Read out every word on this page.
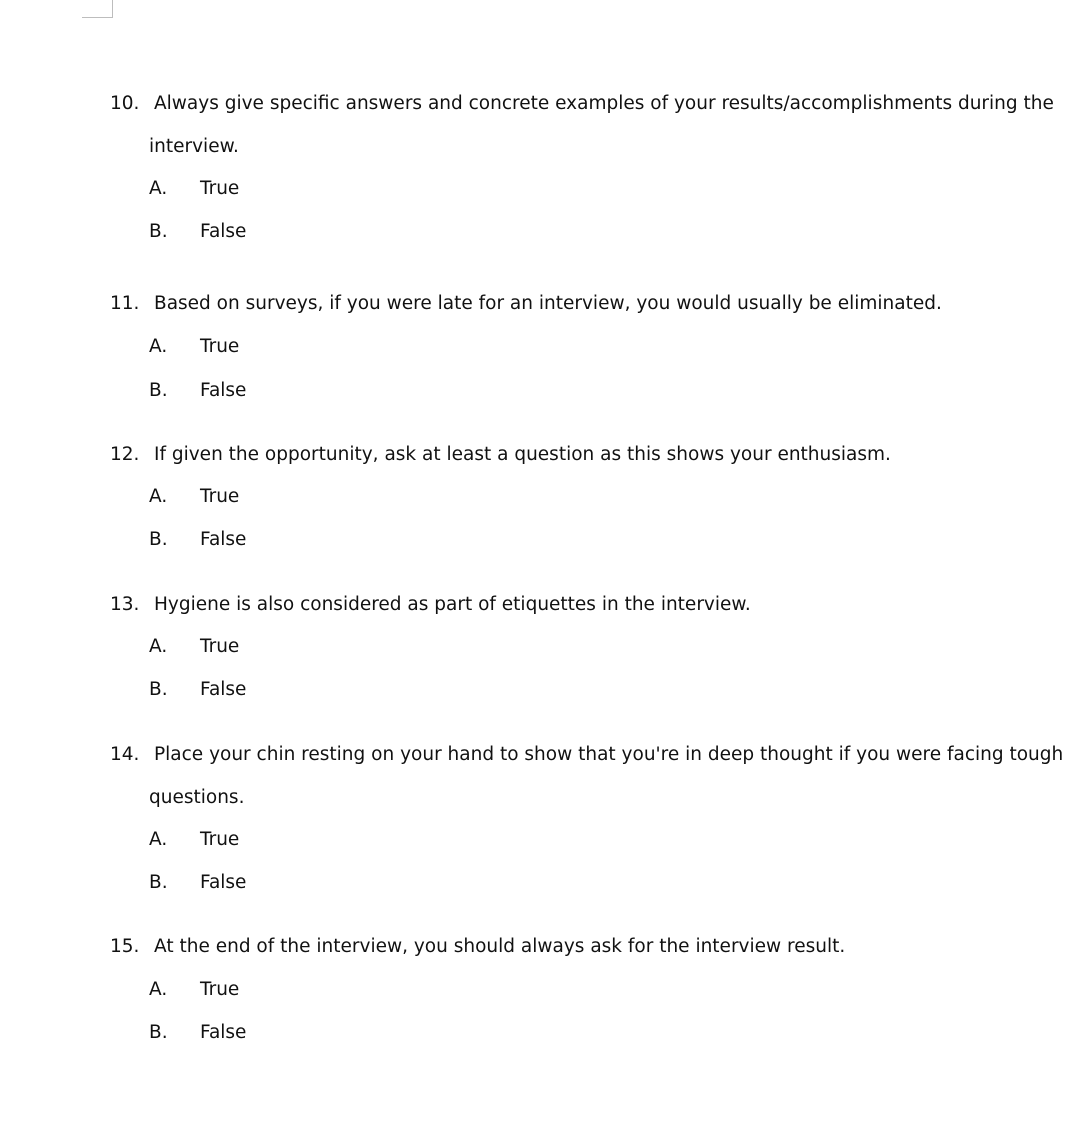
10. Always give specific answers and concrete examples of your results/accomplishments during the
interview.
A. True
B. False
11. Based on surveys, if you were late for an interview, you would usually be eliminated.
A. True
B. False
12. If given the opportunity, ask at least a question as this shows your enthusiasm.
A. True
B. False
13. Hygiene is also considered as part of etiquettes in the interview.
A. True
B. False
14. Place your chin resting on your hand to show that you're in deep thought if you were facing tough
questions.
A. True
B. False
15. At the end of the interview, you should always ask for the interview result.
A. True
B. False
